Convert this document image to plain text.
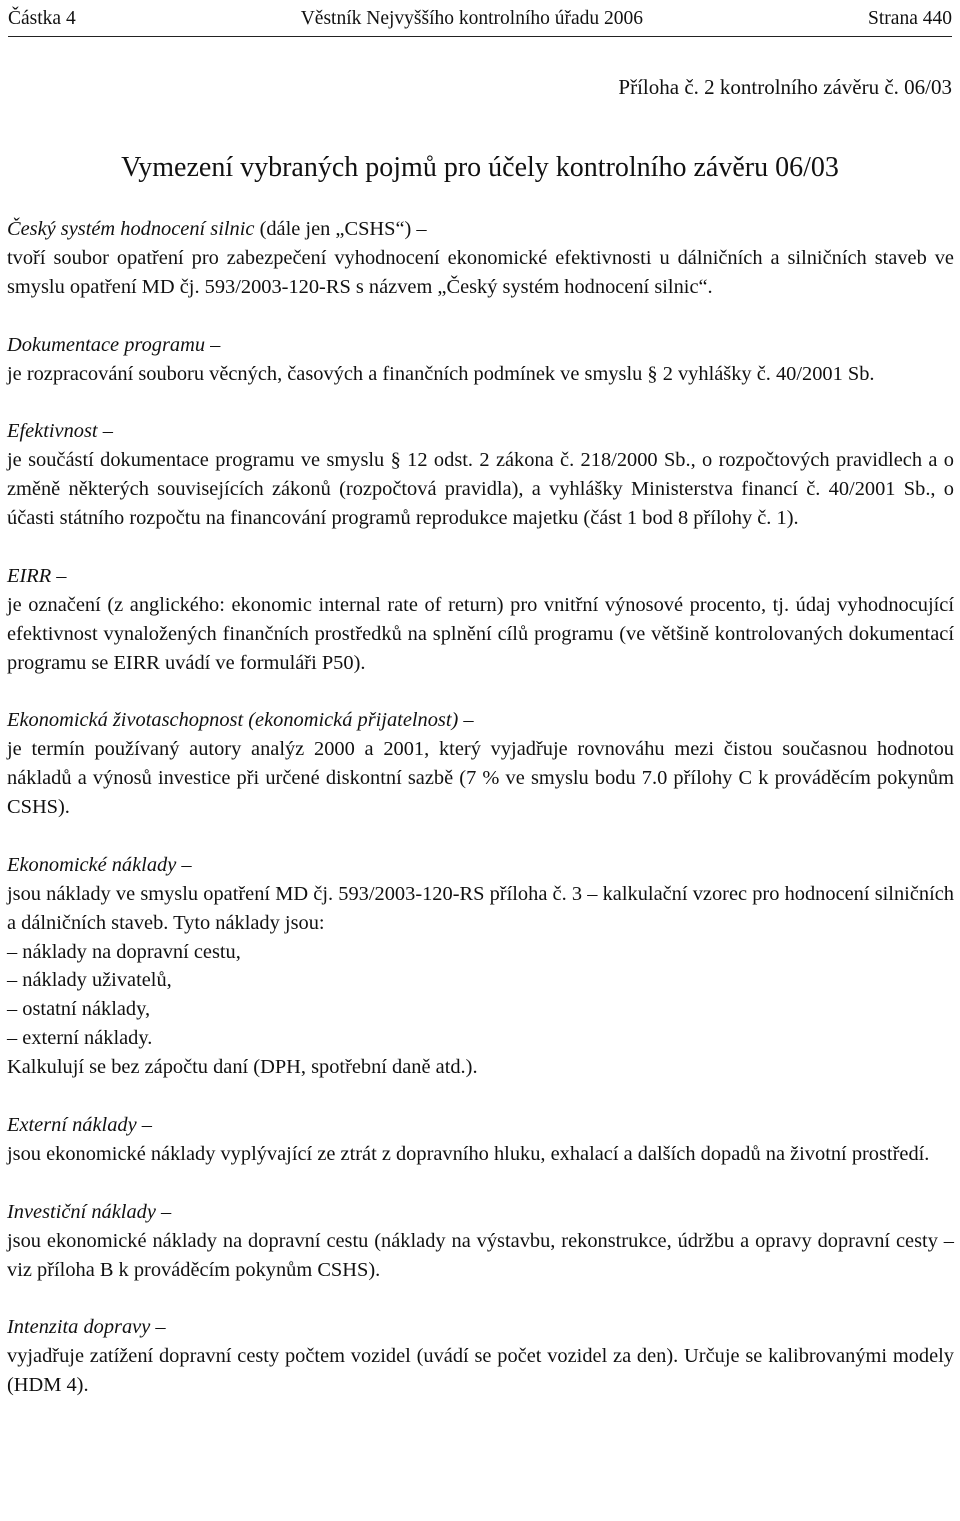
Částka 4	Věstník Nejvyššího kontrolního úřadu 2006	Strana 440
Příloha č. 2 kontrolního závěru č. 06/03
Vymezení vybraných pojmů pro účely kontrolního závěru 06/03
Český systém hodnocení silnic (dále jen „CSHS“) –
tvoří soubor opatření pro zabezpečení vyhodnocení ekonomické efektivnosti u dálničních a silničních staveb ve smyslu opatření MD čj. 593/2003-120-RS s názvem „Český systém hodnocení silnic“.
Dokumentace programu –
je rozpracování souboru věcných, časových a finančních podmínek ve smyslu § 2 vyhlášky č. 40/2001 Sb.
Efektivnost –
je součástí dokumentace programu ve smyslu § 12 odst. 2 zákona č. 218/2000 Sb., o rozpočtových pravidlech a o změně některých souvisejících zákonů (rozpočtová pravidla), a vyhlášky Ministerstva financí č. 40/2001 Sb., o účasti státního rozpočtu na financování programů reprodukce majetku (část 1 bod 8 přílohy č. 1).
EIRR –
je označení (z anglického: ekonomic internal rate of return) pro vnitřní výnosové procento, tj. údaj vyhodnocující efektivnost vynaložených finančních prostředků na splnění cílů programu (ve většině kontrolovaných dokumentací programu se EIRR uvádí ve formuláři P50).
Ekonomická životaschopnost (ekonomická přijatelnost) –
je termín používaný autory analýz 2000 a 2001, který vyjadřuje rovnováhu mezi čistou současnou hodnotou nákladů a výnosů investice při určené diskontní sazbě (7 % ve smyslu bodu 7.0 přílohy C k prováděcím pokynům CSHS).
Ekonomické náklady –
jsou náklady ve smyslu opatření MD čj. 593/2003-120-RS příloha č. 3 – kalkulační vzorec pro hodnocení silničních a dálničních staveb. Tyto náklady jsou:
– náklady na dopravní cestu,
– náklady uživatelů,
– ostatní náklady,
– externí náklady.
Kalkulují se bez zápočtu daní (DPH, spotřební daně atd.).
Externí náklady –
jsou ekonomické náklady vyplývající ze ztrát z dopravního hluku, exhalací a dalších dopadů na životní prostředí.
Investiční náklady –
jsou ekonomické náklady na dopravní cestu (náklady na výstavbu, rekonstrukce, údržbu a opravy dopravní cesty – viz příloha B k prováděcím pokynům CSHS).
Intenzita dopravy –
vyjadřuje zatížení dopravní cesty počtem vozidel (uvádí se počet vozidel za den). Určuje se kalibrovanými modely (HDM 4).
